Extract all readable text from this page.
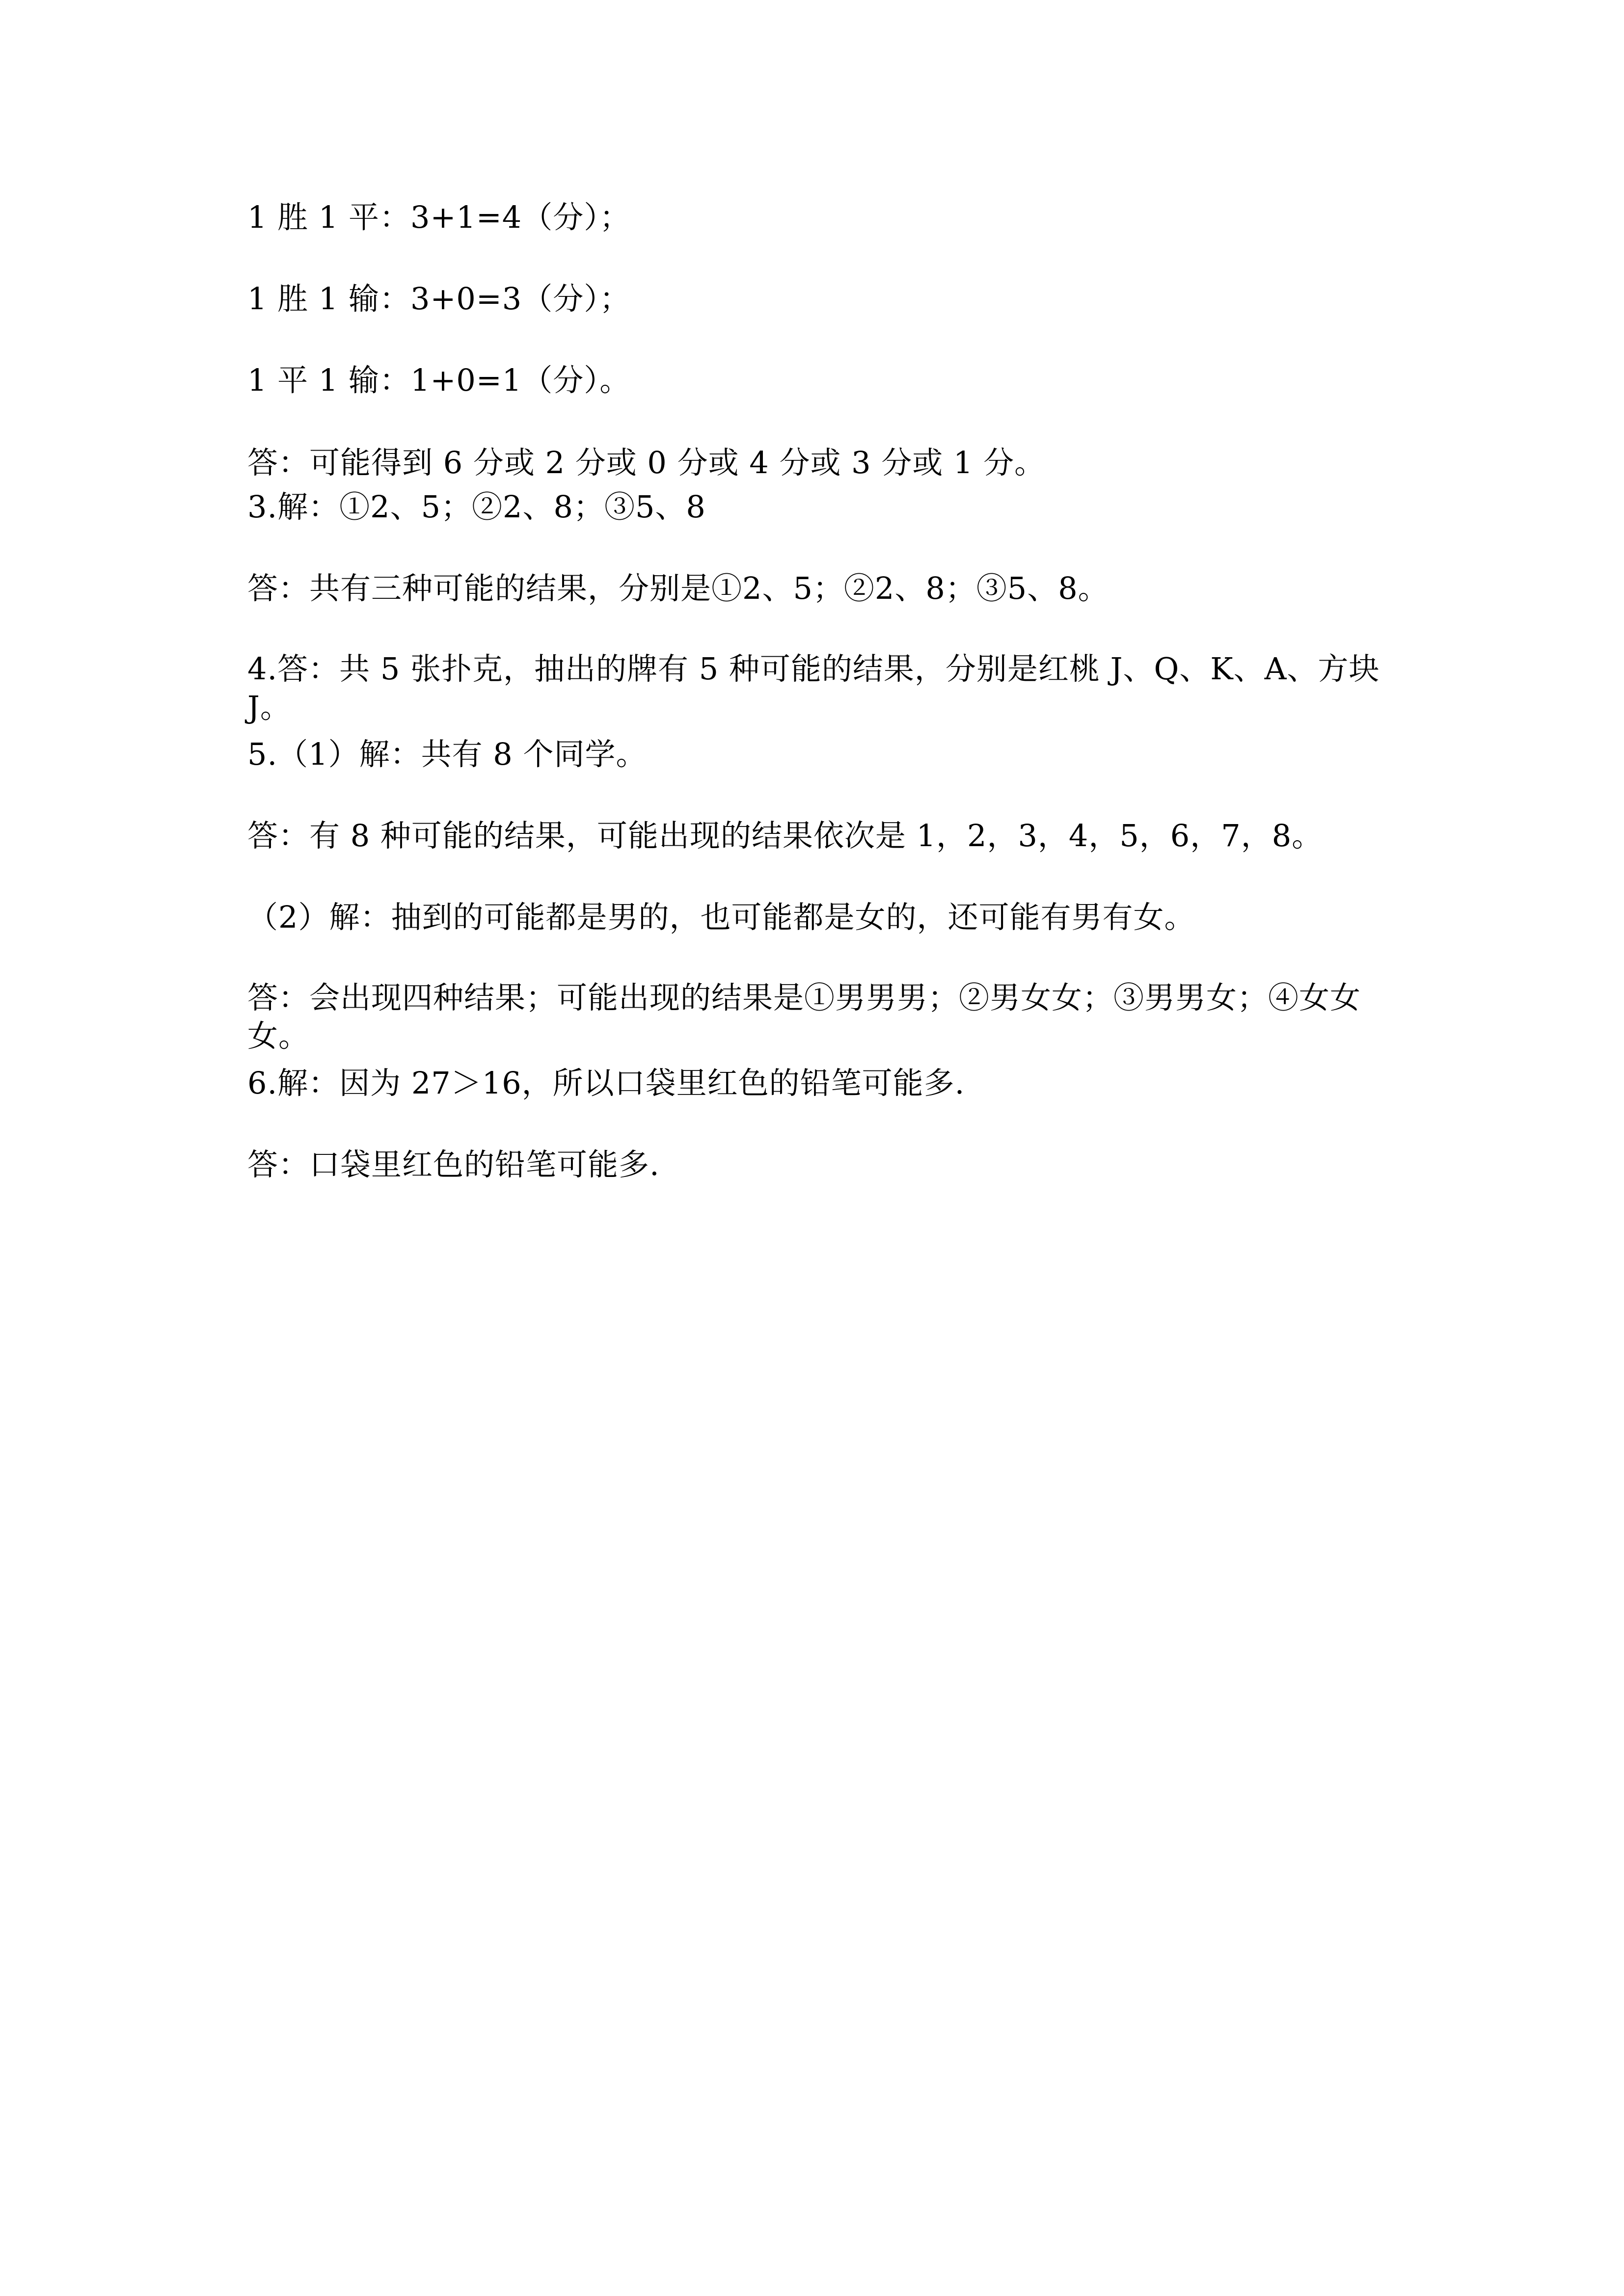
1 胜 1 平：3+1=4（分）；
1 胜 1 输：3+0=3（分）；
1 平 1 输：1+0=1（分）。
答：可能得到 6 分或 2 分或 0 分或 4 分或 3 分或 1 分。
3.解：①2、5；②2、8；③5、8
答：共有三种可能的结果，分别是①2、5；②2、8；③5、8。
4.答：共 5 张扑克，抽出的牌有 5 种可能的结果，分别是红桃 J、Q、K、A、方块 J。
5.（1）解：共有 8 个同学。
答：有 8 种可能的结果，可能出现的结果依次是 1，2，3，4，5，6，7，8。
（2）解：抽到的可能都是男的，也可能都是女的，还可能有男有女。
答：会出现四种结果；可能出现的结果是①男男男；②男女女；③男男女；④女女女。
6.解：因为 27＞16，所以口袋里红色的铅笔可能多.
答：口袋里红色的铅笔可能多.
